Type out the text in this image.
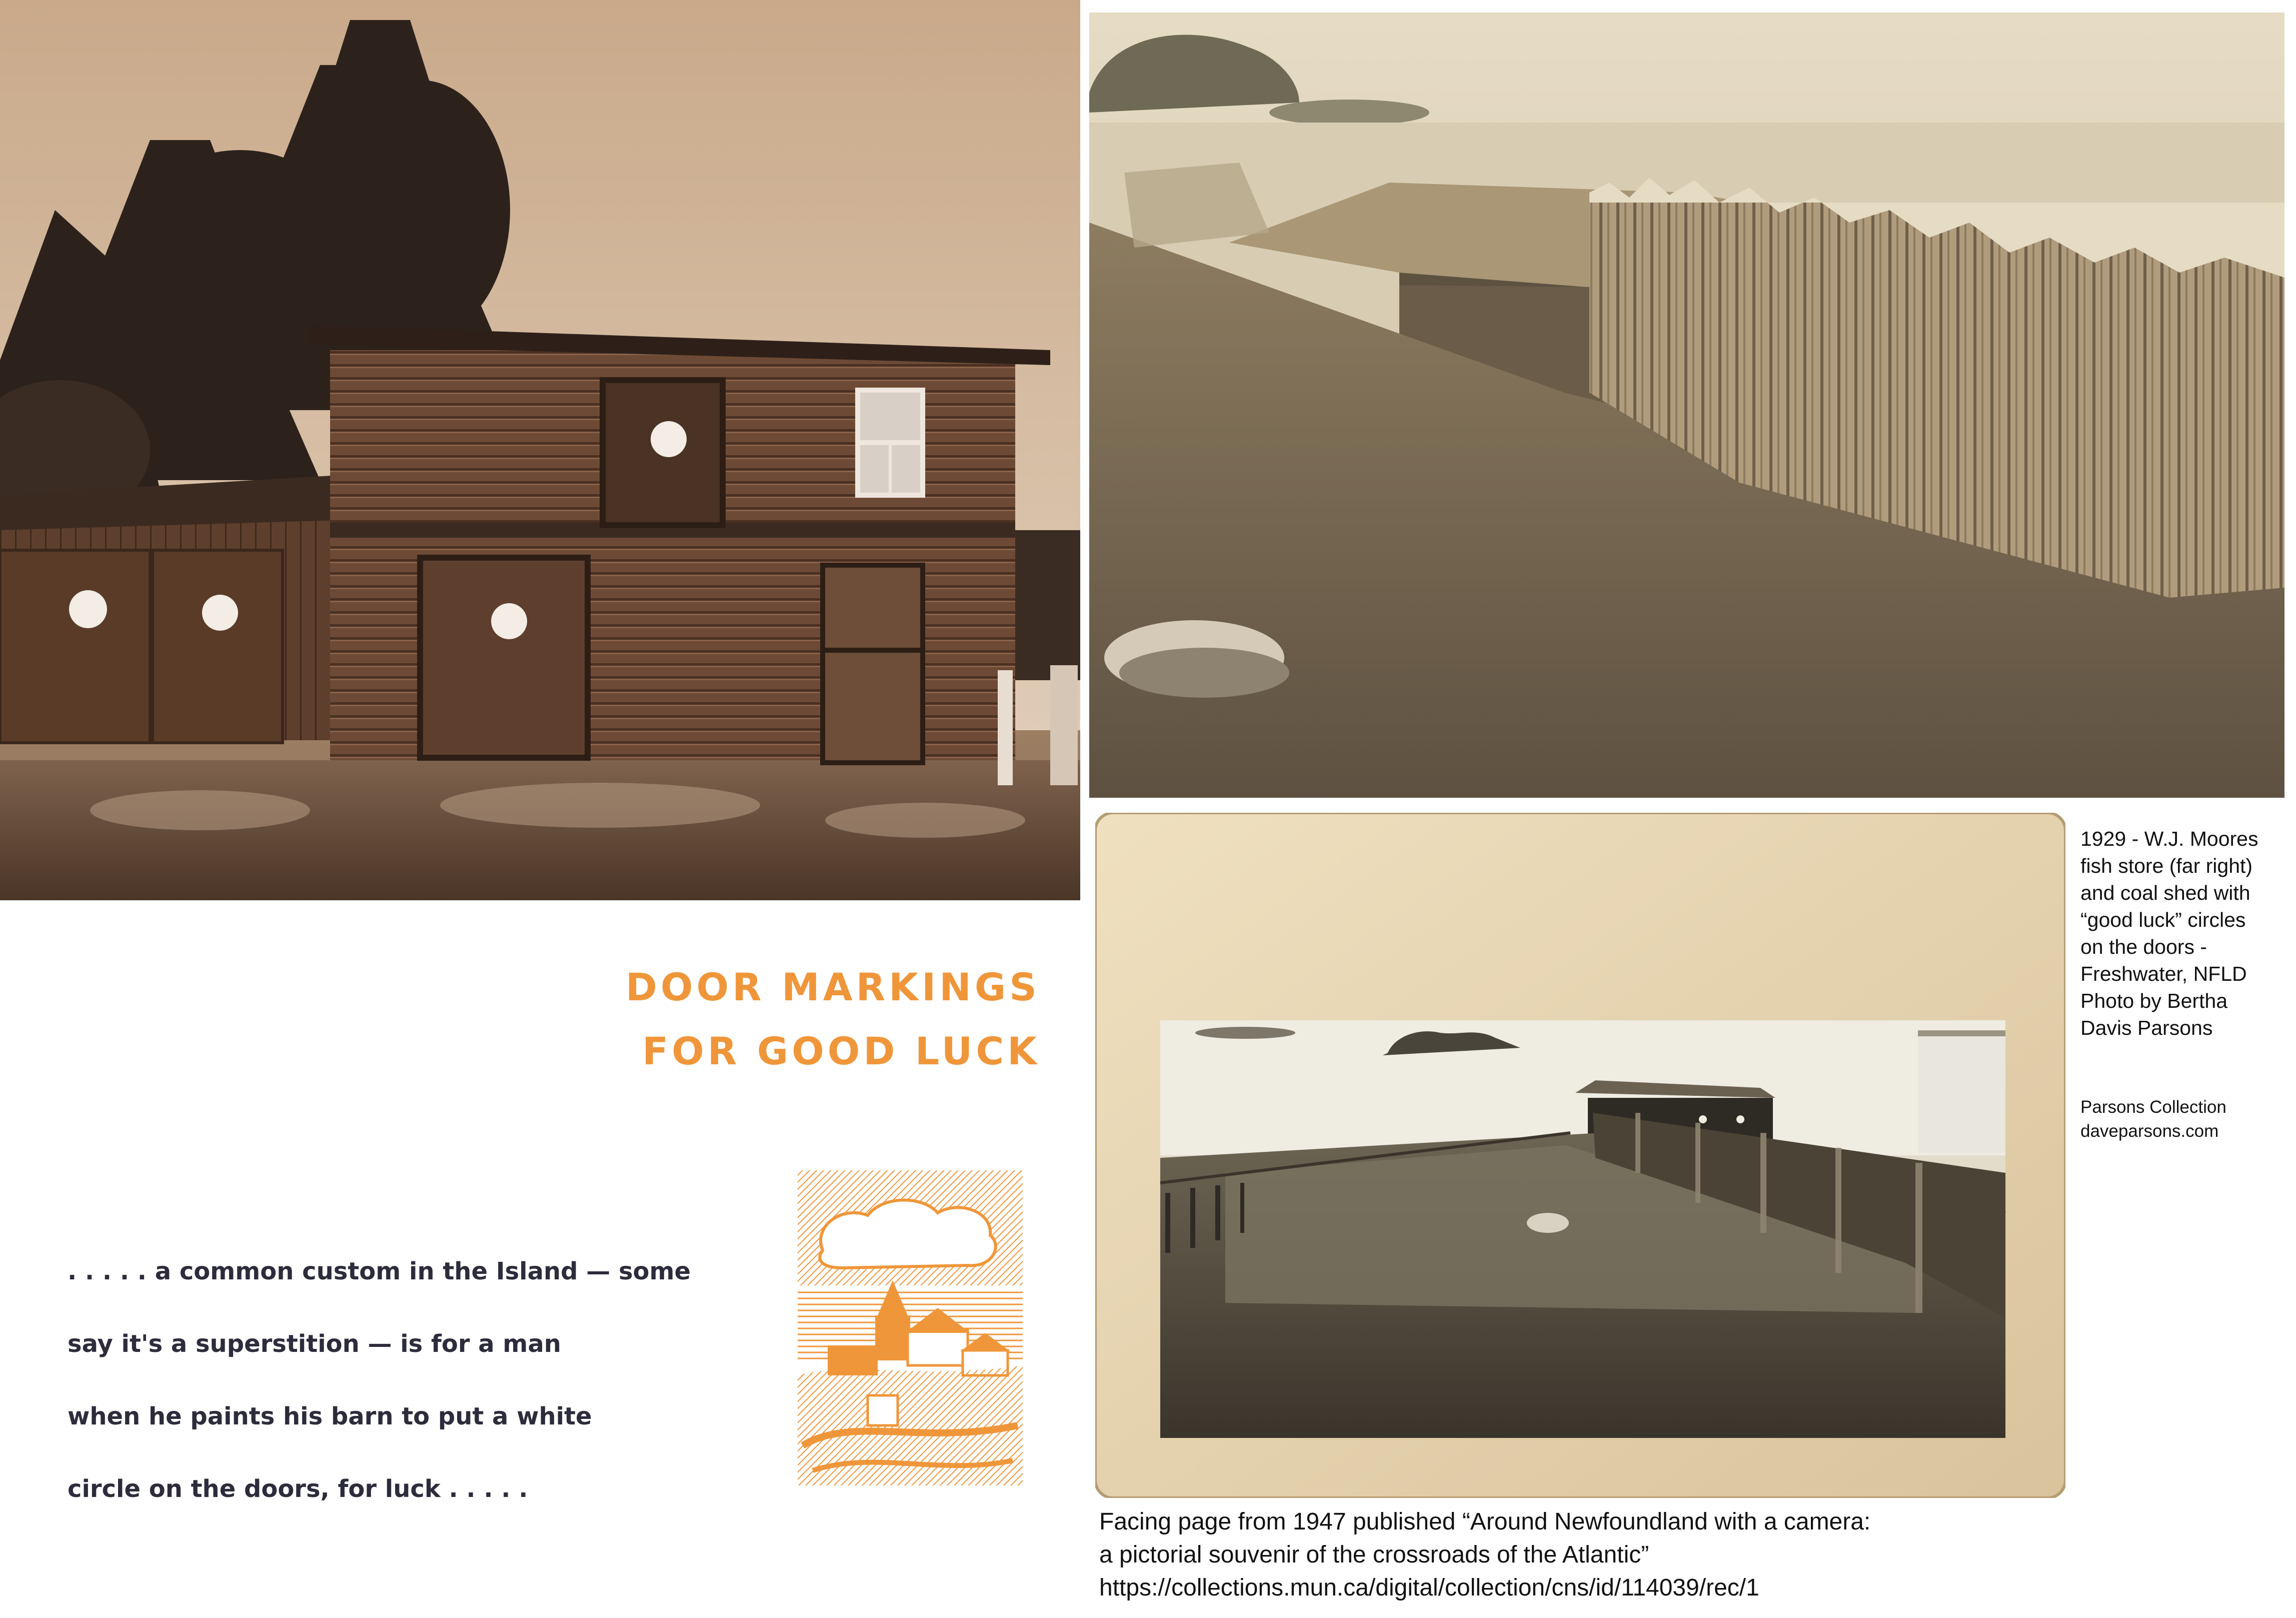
DOOR MARKINGS
FOR GOOD LUCK
. . . . . a common custom in the Island — some
say it's a superstition — is for a man
when he paints his barn to put a white
circle on the doors, for luck . . . . .
1929 - W.J. Moores
fish store (far right)
and coal shed with
“good luck” circles
on the doors -
Freshwater, NFLD
Photo by Bertha
Davis Parsons
Parsons Collection
daveparsons.com
Facing page from 1947 published “Around Newfoundland with a camera:
a pictorial souvenir of the crossroads of the Atlantic”
https://collections.mun.ca/digital/collection/cns/id/114039/rec/1
